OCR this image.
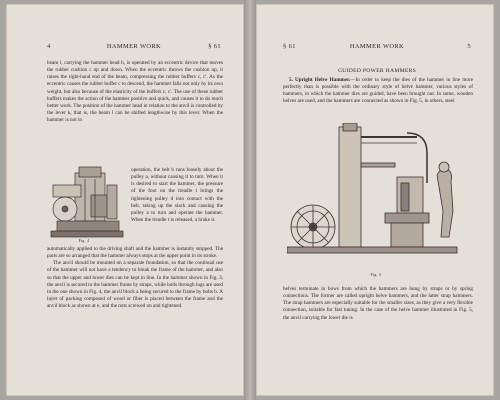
4	HAMMER WORK	§ 61

beam l, carrying the hammer head h, is operated by an eccentric device that moves the rubber cushion c up and down. When the eccentric throws the cushion up, it raises the right-hand end of the beam, compressing the rubber buffers c, c'. As the eccentric causes the rubber buffer c to descend, the hammer falls not only by its own weight, but also because of the elasticity of the buffers c, c'. The use of these rubber buffers makes the action of the hammer positive and quick, and causes it to do much better work. The position of the hammer head in relation to the anvil is controlled by the lever k, that is, the beam l can be shifted lengthwise by this lever. When the hammer is not in

Fig. 4

operation, the belt b runs loosely about the pulley a, without causing it to turn. When it is desired to start the hammer, the pressure of the foot on the treadle t brings the tightening pulley d into contact with the belt, taking up the slack and causing the pulley a to turn and operate the hammer. When the treadle t is released, a brake is

automatically applied to the driving shaft and the hammer is instantly stopped. The parts are so arranged that the hammer always stops at the upper point in its stroke.

The anvil should be mounted on a separate foundation, so that the continual use of the hammer will not have a tendency to break the frame of the hammer, and also so that the upper and lower dies can be kept in line. In the hammer shown in Fig. 3, the anvil is secured to the hammer frame by straps, while bolts through lugs are used in the one shown in Fig. 4, the anvil block a being secured to the frame by bolts b. A layer of packing composed of wood or fiber is placed between the frame and the anvil block as shown at e, and the nuts screwed on and tightened.

§ 61	HAMMER WORK	5
GUIDED POWER HAMMERS

5. Upright Helve Hammer.—In order to keep the dies of the hammer in line more perfectly than is possible with the ordinary style of helve hammer, various styles of hammers, in which the hammer dies are guided, have been brought out. In some, wooden helves are used, and the hammers are connected as shown in Fig. 5, in others, steel

Fig. 5

helves terminate in bows from which the hammers are hung by straps or by spring connections. The former are called upright helve hammers, and the latter strap hammers. The strap hammers are especially suitable for the smaller sizes, as they give a very flexible connection, suitable for fast tuning. In the case of the helve hammer illustrated in Fig. 5, the anvil carrying the lower die is
